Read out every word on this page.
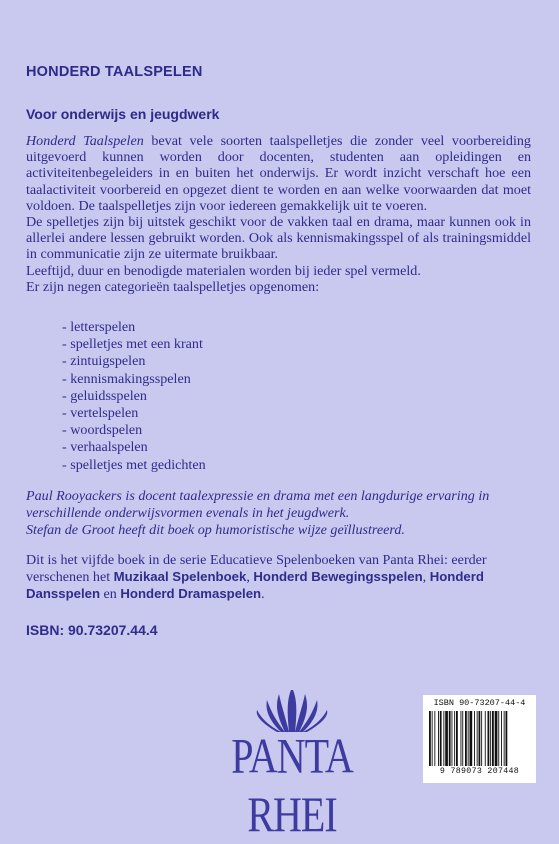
HONDERD TAALSPELEN
Voor onderwijs en jeugdwerk

Honderd Taalspelen bevat vele soorten taalspelletjes die zonder veel voorbereiding uitgevoerd kunnen worden door docenten, studenten aan opleidingen en activiteitenbegeleiders in en buiten het onderwijs. Er wordt inzicht verschaft hoe een taalactiviteit voorbereid en opgezet dient te worden en aan welke voorwaarden dat moet voldoen. De taalspelletjes zijn voor iedereen gemakkelijk uit te voeren.

De spelletjes zijn bij uitstek geschikt voor de vakken taal en drama, maar kunnen ook in allerlei andere lessen gebruikt worden. Ook als kennismakingsspel of als trainingsmiddel in communicatie zijn ze uitermate bruikbaar.

Leeftijd, duur en benodigde materialen worden bij ieder spel vermeld.

Er zijn negen categorieën taalspelletjes opgenomen:

- letterspelen
- spelletjes met een krant
- zintuigspelen
- kennismakingsspelen
- geluidsspelen
- vertelspelen
- woordspelen
- verhaalspelen
- spelletjes met gedichten

Paul Rooyackers is docent taalexpressie en drama met een langdurige ervaring in verschillende onderwijsvormen evenals in het jeugdwerk.

Stefan de Groot heeft dit boek op humoristische wijze geïllustreerd.

Dit is het vijfde boek in de serie Educatieve Spelenboeken van Panta Rhei: eerder verschenen het Muzikaal Spelenboek, Honderd Bewegingsspelen, Honderd Dansspelen en Honderd Dramaspelen.

ISBN: 90.73207.44.4
PANTA RHEI
ISBN 90-73207-44-4
9 789073 207448
